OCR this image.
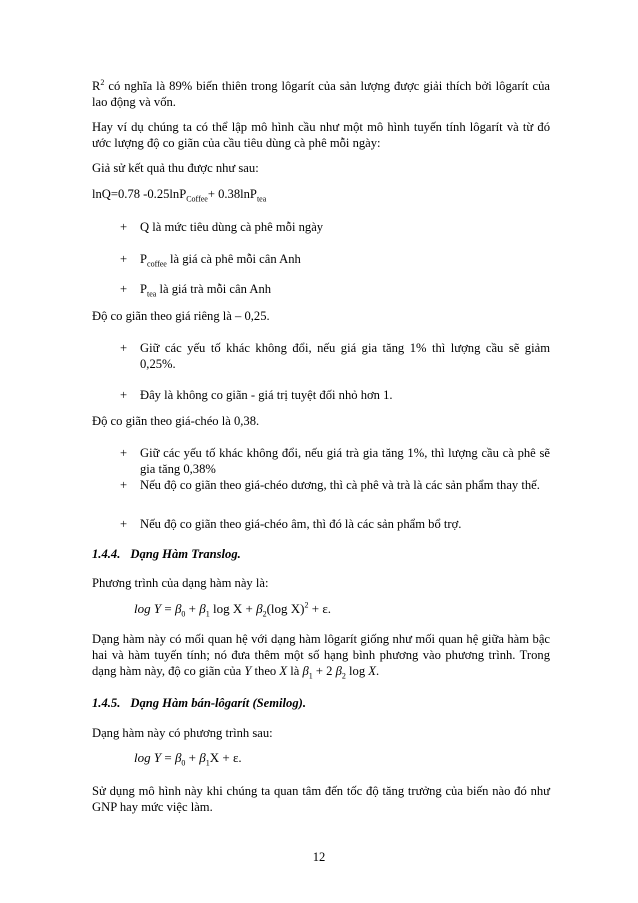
$R^2$ có nghĩa là 89% biến thiên trong lôgarít của sản lượng được giải thích bởi lôgarít của lao động và vốn.

Hay ví dụ chúng ta có thể lập mô hình cầu như một mô hình tuyến tính lôgarít và từ đó ước lượng độ co giãn của cầu tiêu dùng cà phê mỗi ngày:

Giả sử kết quả thu được như sau:

lnQ=0.78 -0.25lnP$_{Coffee}$+ 0.38lnP$_{tea}$

+ Q là mức tiêu dùng cà phê mỗi ngày

+ $P_{coffee}$ là giá cà phê mỗi cân Anh

+ $P_{tea}$ là giá trà mỗi cân Anh

Độ co giãn theo giá riêng là – 0,25.

+ Giữ các yếu tố khác không đổi, nếu giá gia tăng 1% thì lượng cầu sẽ giảm 0,25%.

+ Đây là không co giãn - giá trị tuyệt đối nhỏ hơn 1.

Độ co giãn theo giá-chéo là 0,38.

+ Giữ các yếu tố khác không đổi, nếu giá trà gia tăng 1%, thì lượng cầu cà phê sẽ gia tăng 0,38%

+ Nếu độ co giãn theo giá-chéo dương, thì cà phê và trà là các sản phẩm thay thế.

+ Nếu độ co giãn theo giá-chéo âm, thì đó là các sản phẩm bổ trợ.

1.4.4. Dạng Hàm Translog.

Phương trình của dạng hàm này là:

$\log Y = \beta_0 + \beta_1$ $\log X + \beta_2(\log$ X)$^2$ + ε.

Dạng hàm này có mối quan hệ với dạng hàm lôgarít giống như mối quan hệ giữa hàm bậc hai và hàm tuyến tính; nó đưa thêm một số hạng bình phương vào phương trình. Trong dạng hàm này, độ co giãn của Y theo X là $\beta_1 + 2$ $\beta_2$ log X.

1.4.5. Dạng Hàm bán-lôgarít (Semilog).

Dạng hàm này có phương trình sau:

$\log Y = \beta_0 + \beta_1X + \varepsilon$.

Sử dụng mô hình này khi chúng ta quan tâm đến tốc độ tăng trưởng của biến nào đó như GNP hay mức việc làm.

12
